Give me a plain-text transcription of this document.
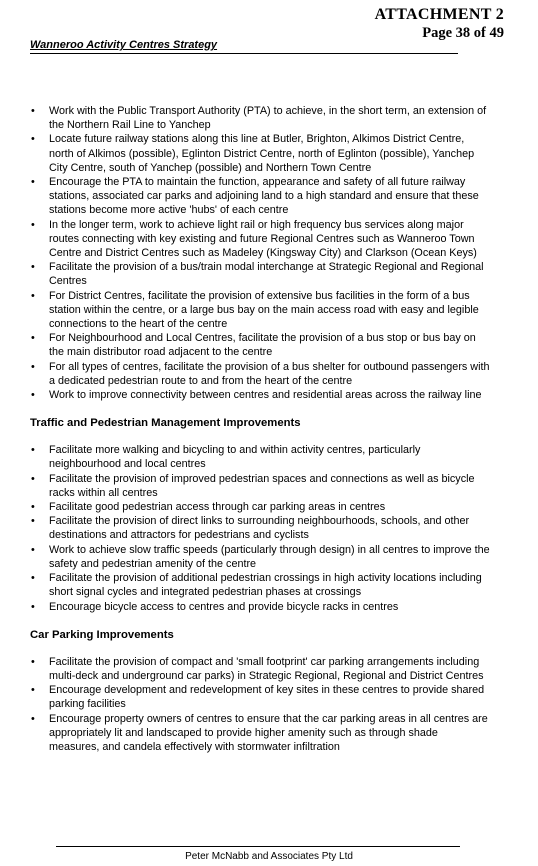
ATTACHMENT 2
Page 38 of 49
Wanneroo Activity Centres Strategy
• Work with the Public Transport Authority (PTA) to achieve, in the short term, an extension of the Northern Rail Line to Yanchep
• Locate future railway stations along this line at Butler, Brighton, Alkimos District Centre, north of Alkimos (possible), Eglinton District Centre, north of Eglinton (possible), Yanchep City Centre, south of Yanchep (possible) and Northern Town Centre
• Encourage the PTA to maintain the function, appearance and safety of all future railway stations, associated car parks and adjoining land to a high standard and ensure that these stations become more active 'hubs' of each centre
• In the longer term, work to achieve light rail or high frequency bus services along major routes connecting with key existing and future Regional Centres such as Wanneroo Town Centre and District Centres such as Madeley (Kingsway City) and Clarkson (Ocean Keys)
• Facilitate the provision of a bus/train modal interchange at Strategic Regional and Regional Centres
• For District Centres, facilitate the provision of extensive bus facilities in the form of a bus station within the centre, or a large bus bay on the main access road with easy and legible connections to the heart of the centre
• For Neighbourhood and Local Centres, facilitate the provision of a bus stop or bus bay on the main distributor road adjacent to the centre
• For all types of centres, facilitate the provision of a bus shelter for outbound passengers with a dedicated pedestrian route to and from the heart of the centre
• Work to improve connectivity between centres and residential areas across the railway line
Traffic and Pedestrian Management Improvements
• Facilitate more walking and bicycling to and within activity centres, particularly neighbourhood and local centres
• Facilitate the provision of improved pedestrian spaces and connections as well as bicycle racks within all centres
• Facilitate good pedestrian access through car parking areas in centres
• Facilitate the provision of direct links to surrounding neighbourhoods, schools, and other destinations and attractors for pedestrians and cyclists
• Work to achieve slow traffic speeds (particularly through design) in all centres to improve the safety and pedestrian amenity of the centre
• Facilitate the provision of additional pedestrian crossings in high activity locations including short signal cycles and integrated pedestrian phases at crossings
• Encourage bicycle access to centres and provide bicycle racks in centres
Car Parking Improvements
• Facilitate the provision of compact and 'small footprint' car parking arrangements including multi-deck and underground car parks) in Strategic Regional, Regional and District Centres
• Encourage development and redevelopment of key sites in these centres to provide shared parking facilities
• Encourage property owners of centres to ensure that the car parking areas in all centres are appropriately lit and landscaped to provide higher amenity such as through shade measures, and candela effectively with stormwater infiltration
Peter McNabb and Associates Pty Ltd
